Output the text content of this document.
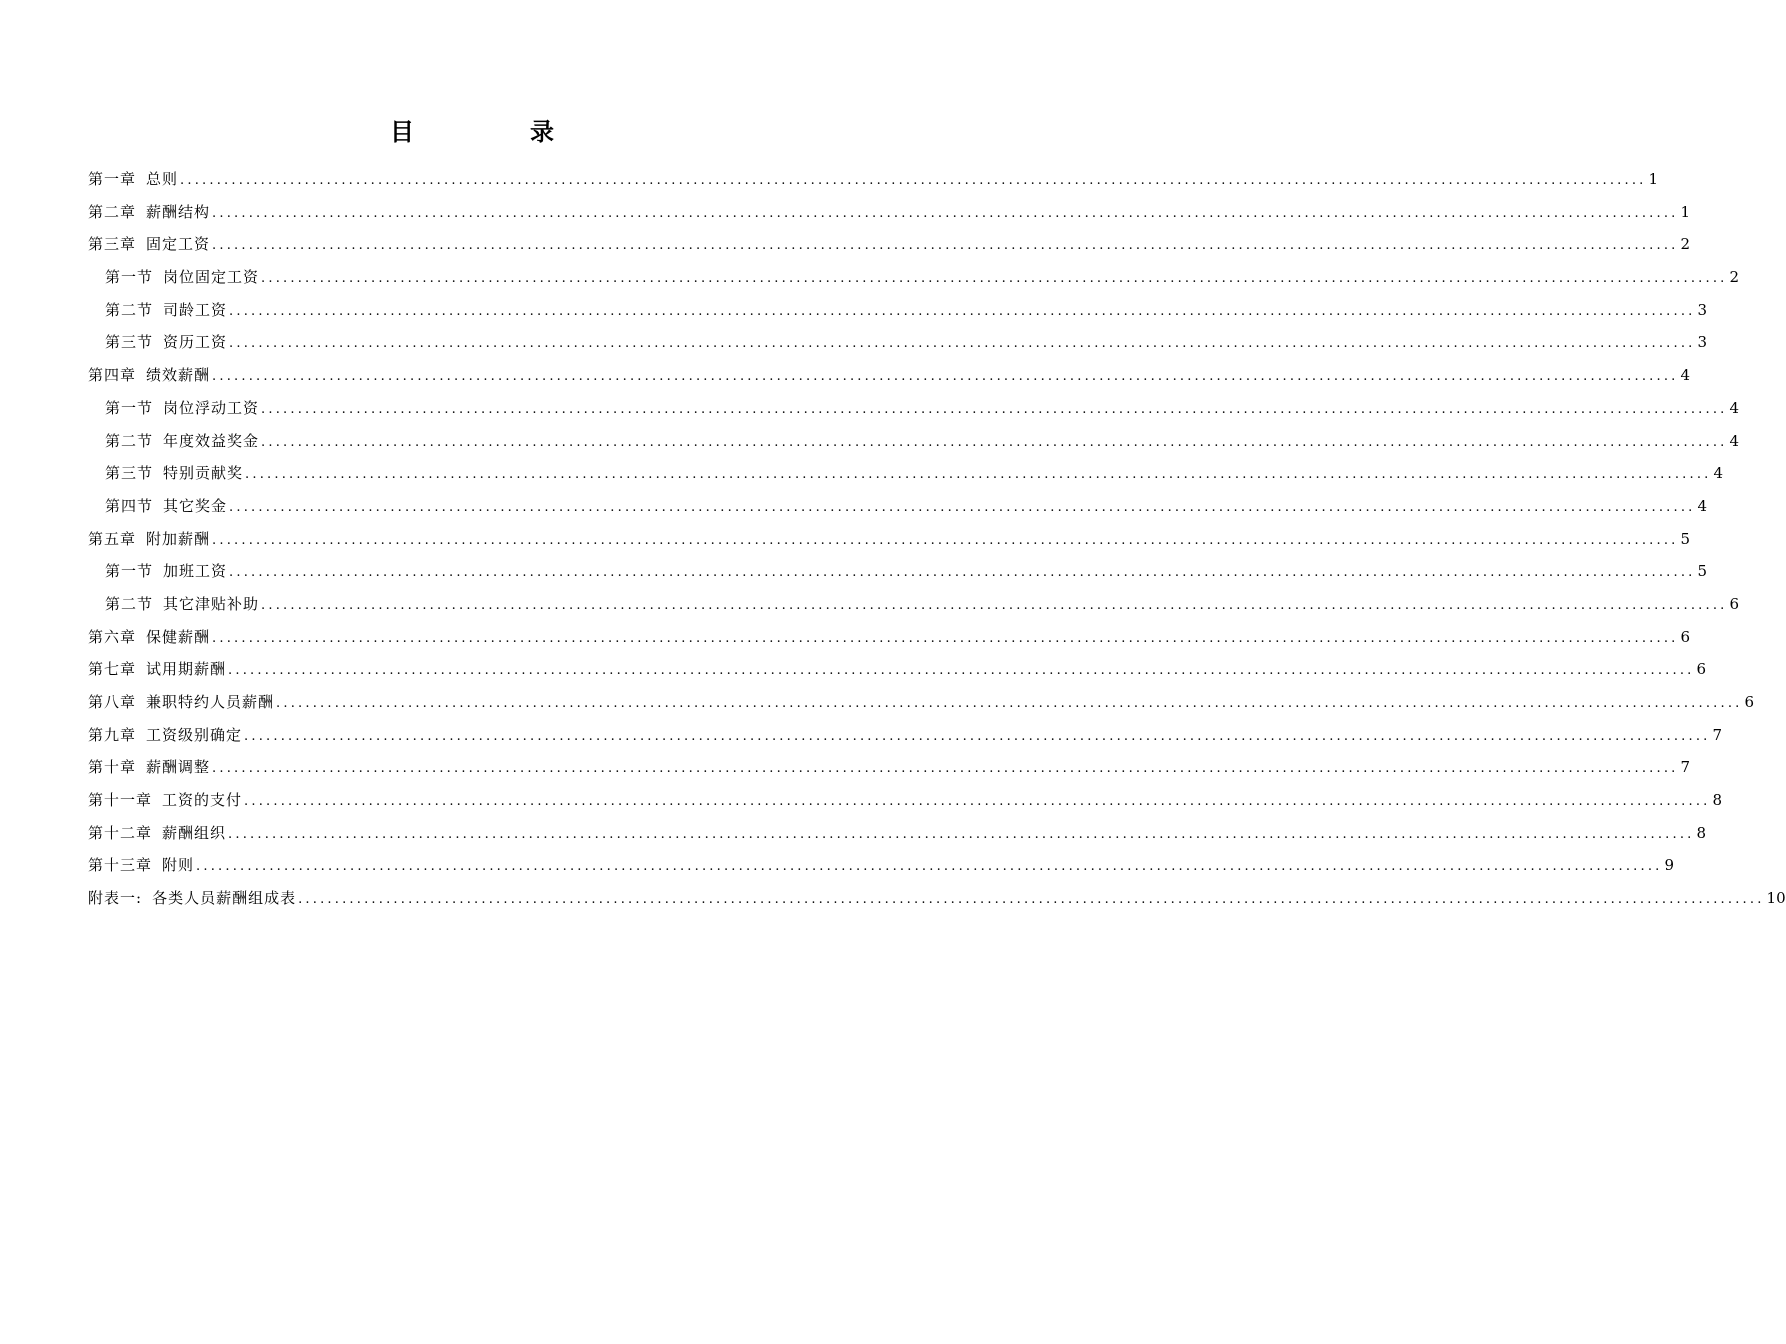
目	录
第一章 总则 ........................................................................................................................................................................................................ 1
第二章 薪酬结构 ........................................................................................................................................................................................................ 1
第三章 固定工资 ........................................................................................................................................................................................................ 2
第一节 岗位固定工资 ........................................................................................................................................................................................................ 2
第二节 司龄工资 ........................................................................................................................................................................................................ 3
第三节 资历工资 ........................................................................................................................................................................................................ 3
第四章 绩效薪酬 ........................................................................................................................................................................................................ 4
第一节 岗位浮动工资 ........................................................................................................................................................................................................ 4
第二节 年度效益奖金 ........................................................................................................................................................................................................ 4
第三节 特别贡献奖 ........................................................................................................................................................................................................ 4
第四节 其它奖金 ........................................................................................................................................................................................................ 4
第五章 附加薪酬 ........................................................................................................................................................................................................ 5
第一节 加班工资 ........................................................................................................................................................................................................ 5
第二节 其它津贴补助 ........................................................................................................................................................................................................ 6
第六章 保健薪酬 ........................................................................................................................................................................................................ 6
第七章 试用期薪酬 ........................................................................................................................................................................................................ 6
第八章 兼职特约人员薪酬 ........................................................................................................................................................................................................ 6
第九章 工资级别确定 ........................................................................................................................................................................................................ 7
第十章 薪酬调整 ........................................................................................................................................................................................................ 7
第十一章 工资的支付 ........................................................................................................................................................................................................ 8
第十二章 薪酬组织 ........................................................................................................................................................................................................ 8
第十三章 附则 ........................................................................................................................................................................................................ 9
附表一: 各类人员薪酬组成表 ........................................................................................................................................................................................................ 10
